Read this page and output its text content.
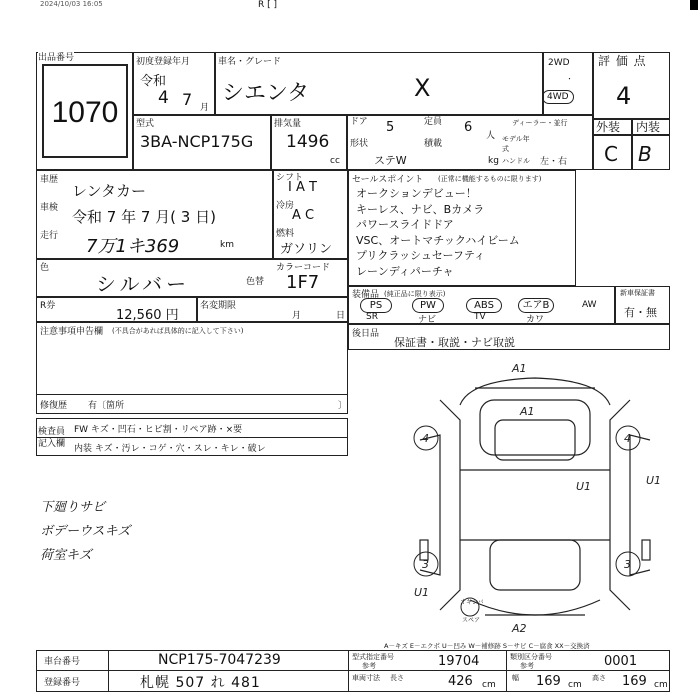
2024/10/03 16:05	R [ ]
出品番号
1070
初度登録年月
令和
4 7 月
車名・グレード
シエンタ	X
2WD
・
4WD
評 価 点
4
外装 内装
C B
型式
3BA-NCP175G
排気量
1496
cc
ドア 5
形状
ステW
定員 6
人
積載
kg
ディーラー・並行
モデル年式
ハンドル 左・右
車歴
レンタカー
車検 令和 7 年 7 月( 3 日)
走行 7万1キ369	km
シフト
I A T
冷房
A C
燃料
ガソリン
色
シルバー	色替
カラーコード
1F7
R券
12,560 円
名変期限
月	日
注意事項申告欄 (不具合があれば具体的に記入して下さい)
修復歴 有〔箇所	〕
検査員
記入欄
FW キズ・凹石・ヒビ割・リペア跡・×要
内装 キズ・汚レ・コゲ・穴・スレ・キレ・破レ
下廻りサビ
ボデーウスキズ
荷室キズ
セールスポイント (正常に機能するものに限ります)
オークションデビュー！
キーレス、ナビ、Bカメラ
パワースライドドア
VSC、オートマチックハイビーム
プリクラッシュセーフティ
レーンディパーチャ
装備品 (純正品に限り表示)
PS
SR
PW
ナビ
ABS
TV
エアB
カワ
AW
新車保証書
有・無
後日品
保証書・取説・ナビ取説
A1
A1
4	4
U1	U1
3	3
U1
A2
オキシバ
スペア
A－キズ E－エクボ U－凹み W－補修跡 S－サビ C－腐食 XX－交換済
車台番号	NCP175-7047239
登録番号	札幌 507 れ 481
型式指定番号
参考	19704	類別区分番号
参考	0001
車両寸法 長さ	426 cm
幅 169 cm
高さ 169 cm
